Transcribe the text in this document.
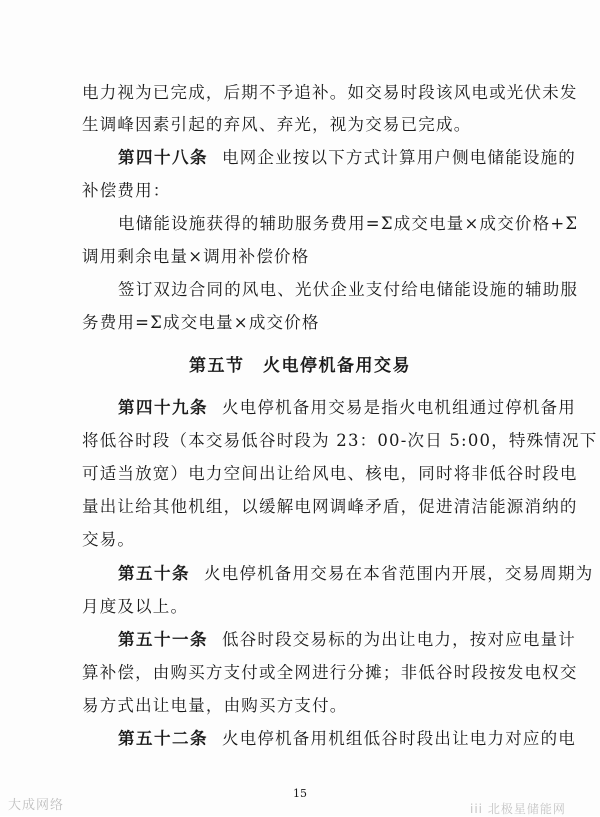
电力视为已完成，后期不予追补。如交易时段该风电或光伏未发
生调峰因素引起的弃风、弃光，视为交易已完成。
第四十八条 电网企业按以下方式计算用户侧电储能设施的
补偿费用：
电储能设施获得的辅助服务费用=Σ成交电量×成交价格+Σ
调用剩余电量×调用补偿价格
签订双边合同的风电、光伏企业支付给电储能设施的辅助服
务费用=Σ成交电量×成交价格
第五节　火电停机备用交易
第四十九条 火电停机备用交易是指火电机组通过停机备用
将低谷时段（本交易低谷时段为 23：00-次日 5:00，特殊情况下
可适当放宽）电力空间出让给风电、核电，同时将非低谷时段电
量出让给其他机组，以缓解电网调峰矛盾，促进清洁能源消纳的
交易。
第五十条 火电停机备用交易在本省范围内开展，交易周期为
月度及以上。
第五十一条 低谷时段交易标的为出让电力，按对应电量计
算补偿，由购买方支付或全网进行分摊；非低谷时段按发电权交
易方式出让电量，由购买方支付。
第五十二条 火电停机备用机组低谷时段出让电力对应的电
15
大成网络	iii 北极星储能网
